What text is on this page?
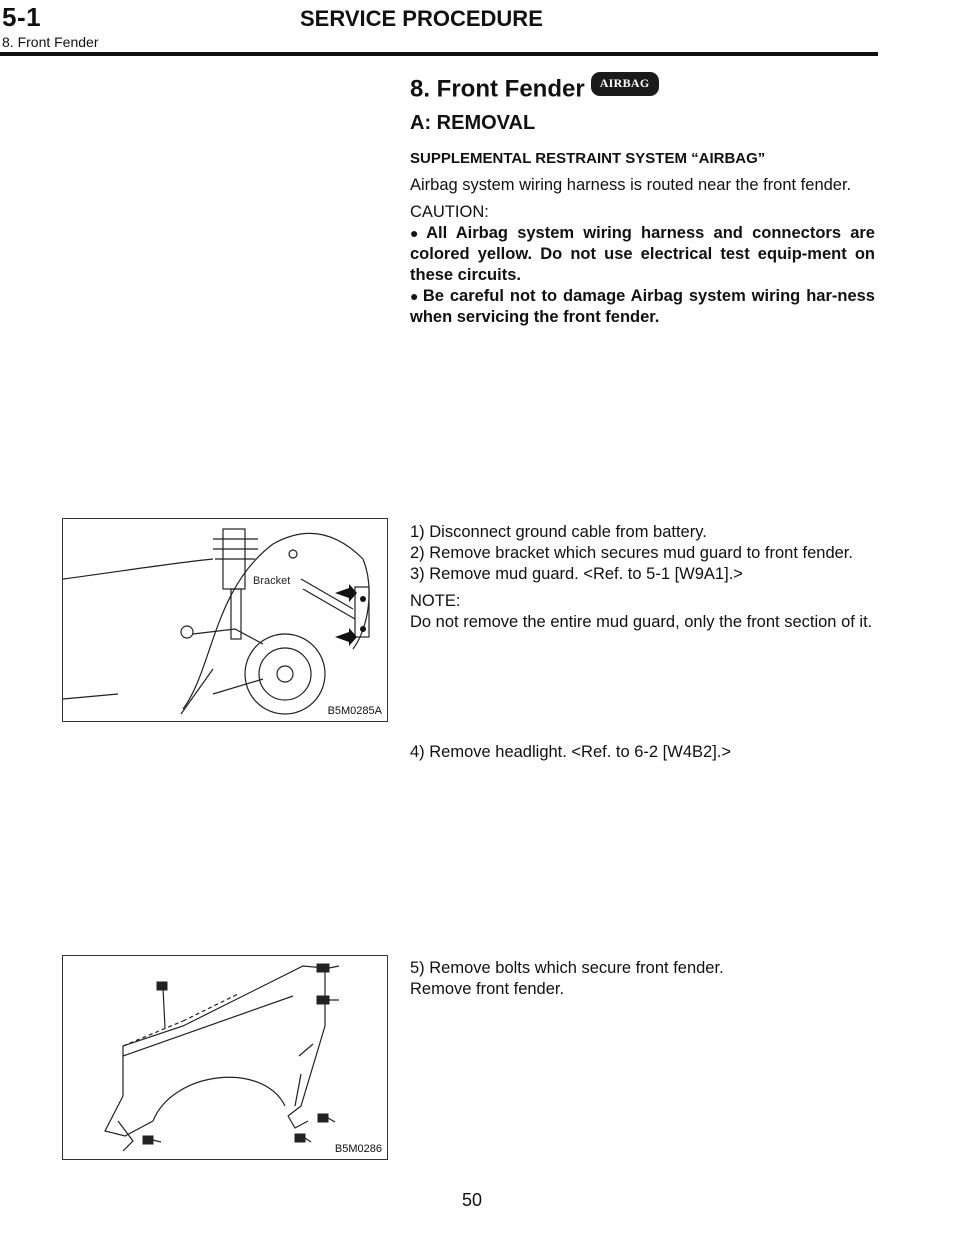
5-1	SERVICE PROCEDURE
8. Front Fender
8. Front Fender AIRBAG
A: REMOVAL

SUPPLEMENTAL RESTRAINT SYSTEM “AIRBAG”

Airbag system wiring harness is routed near the front fender.

CAUTION:

● All Airbag system wiring harness and connectors are colored yellow. Do not use electrical test equip-ment on these circuits.

● Be careful not to damage Airbag system wiring har-ness when servicing the front fender.

Bracket
B5M0285A

1) Disconnect ground cable from battery.

2) Remove bracket which secures mud guard to front fender.

3) Remove mud guard. <Ref. to 5-1 [W9A1].>

NOTE:

Do not remove the entire mud guard, only the front section of it.

4) Remove headlight. <Ref. to 6-2 [W4B2].>
B5M0286

5) Remove bolts which secure front fender.

Remove front fender.

50
